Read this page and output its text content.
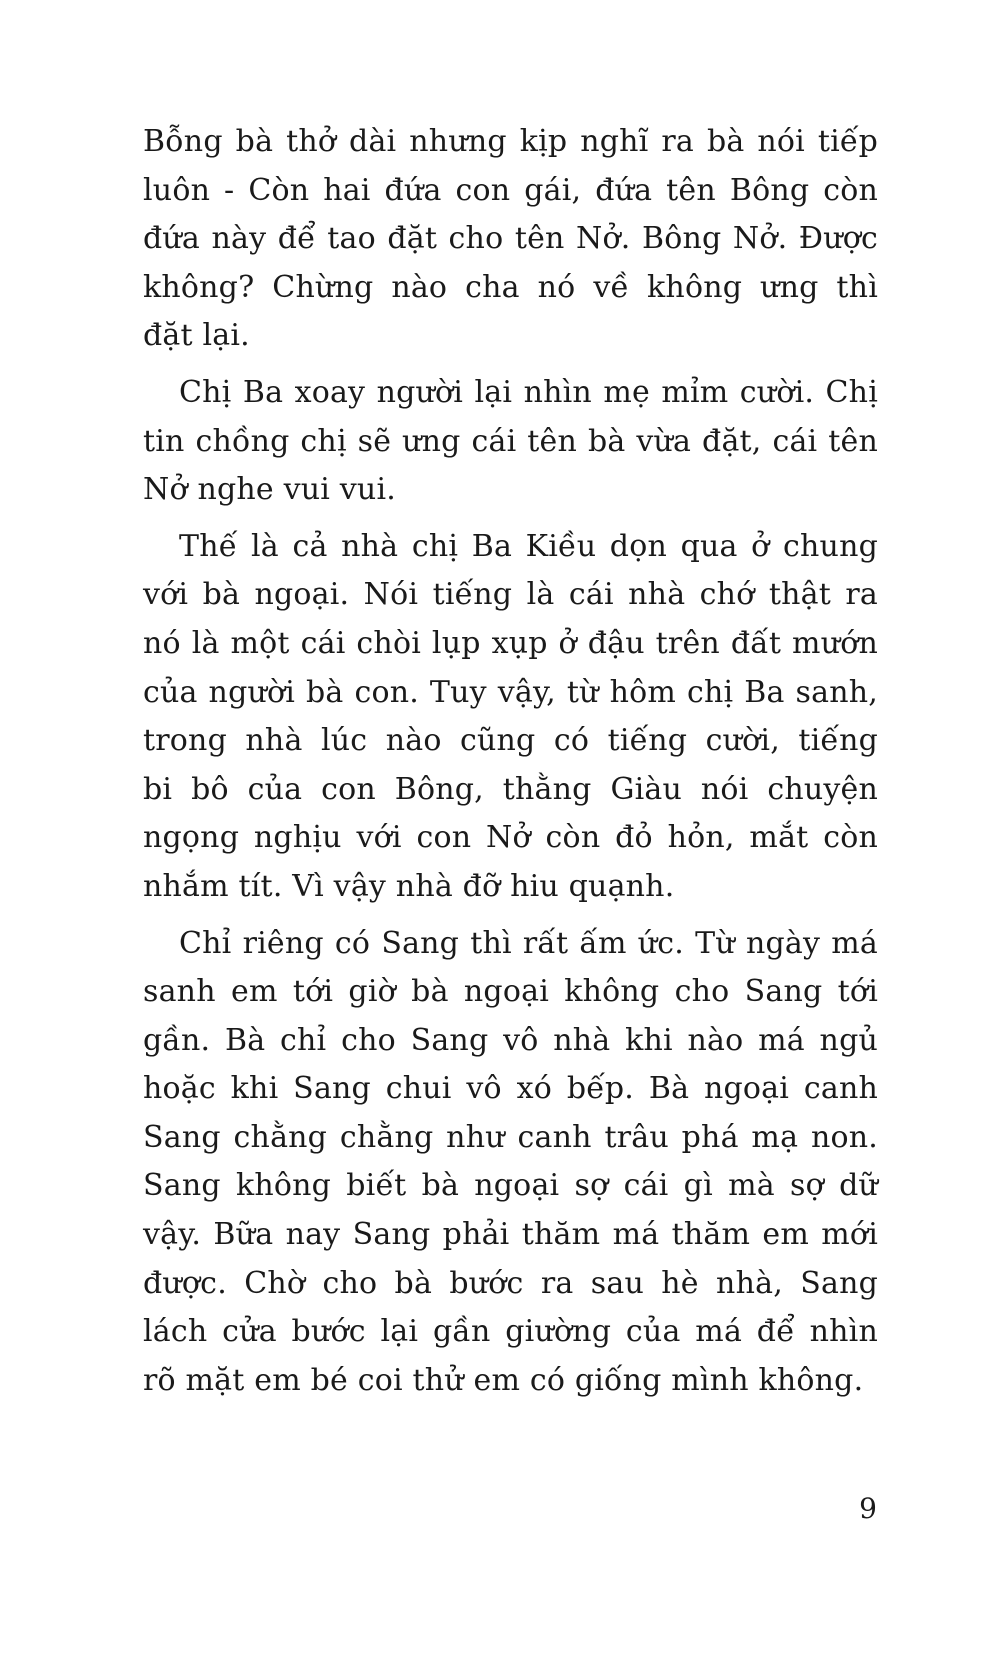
Bỗng bà thở dài nhưng kịp nghĩ ra bà nói tiếp
luôn - Còn hai đứa con gái, đứa tên Bông còn
đứa này để tao đặt cho tên Nở. Bông Nở. Được
không? Chừng nào cha nó về không ưng thì
đặt lại.
Chị Ba xoay người lại nhìn mẹ mỉm cười. Chị
tin chồng chị sẽ ưng cái tên bà vừa đặt, cái tên
Nở nghe vui vui.
Thế là cả nhà chị Ba Kiều dọn qua ở chung
với bà ngoại. Nói tiếng là cái nhà chớ thật ra
nó là một cái chòi lụp xụp ở đậu trên đất mướn
của người bà con. Tuy vậy, từ hôm chị Ba sanh,
trong nhà lúc nào cũng có tiếng cười, tiếng
bi bô của con Bông, thằng Giàu nói chuyện
ngọng nghịu với con Nở còn đỏ hỏn, mắt còn
nhắm tít. Vì vậy nhà đỡ hiu quạnh.
Chỉ riêng có Sang thì rất ấm ức. Từ ngày má
sanh em tới giờ bà ngoại không cho Sang tới
gần. Bà chỉ cho Sang vô nhà khi nào má ngủ
hoặc khi Sang chui vô xó bếp. Bà ngoại canh
Sang chằng chằng như canh trâu phá mạ non.
Sang không biết bà ngoại sợ cái gì mà sợ dữ
vậy. Bữa nay Sang phải thăm má thăm em mới
được. Chờ cho bà bước ra sau hè nhà, Sang
lách cửa bước lại gần giường của má để nhìn
rõ mặt em bé coi thử em có giống mình không.
9
